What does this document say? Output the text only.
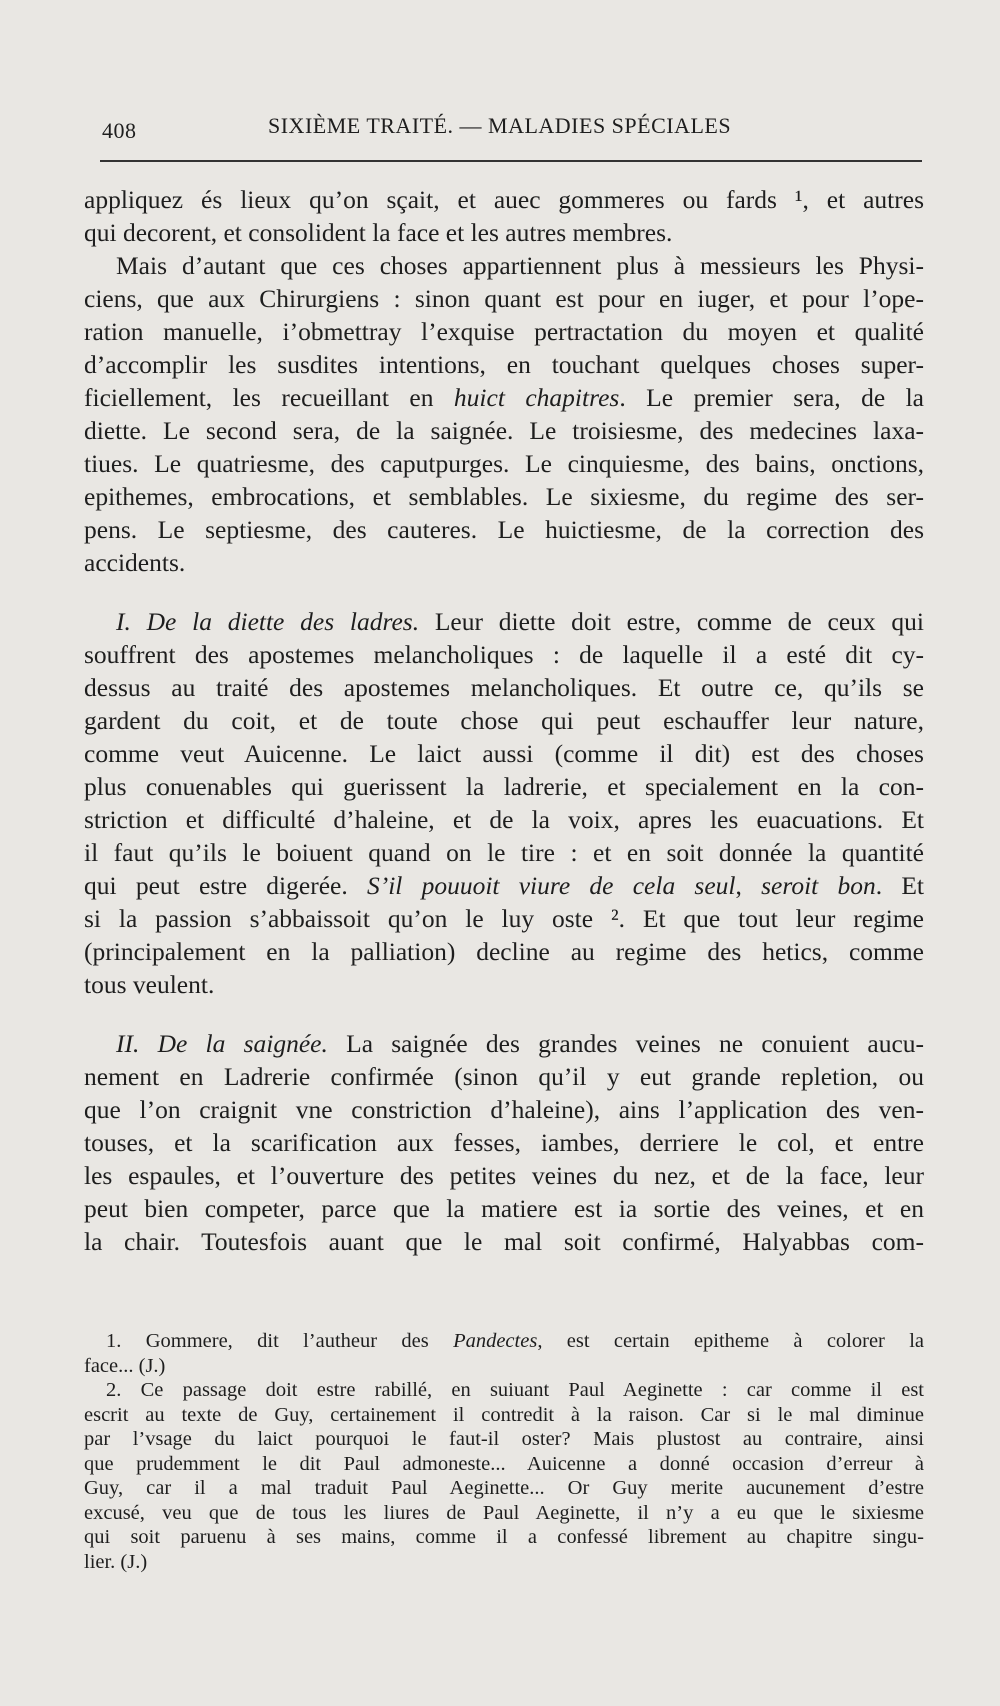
408	SIXIÈME TRAITÉ. — MALADIES SPÉCIALES
appliquez és lieux qu’on sçait, et auec gommeres ou fards ¹, et autres
qui decorent, et consolident la face et les autres membres.
Mais d’autant que ces choses appartiennent plus à messieurs les Physi-
ciens, que aux Chirurgiens : sinon quant est pour en iuger, et pour l’ope-
ration manuelle, i’obmettray l’exquise pertractation du moyen et qualité
d’accomplir les susdites intentions, en touchant quelques choses super-
ficiellement, les recueillant en huict chapitres. Le premier sera, de la
diette. Le second sera, de la saignée. Le troisiesme, des medecines laxa-
tiues. Le quatriesme, des caputpurges. Le cinquiesme, des bains, onctions,
epithemes, embrocations, et semblables. Le sixiesme, du regime des ser-
pens. Le septiesme, des cauteres. Le huictiesme, de la correction des
accidents.
I. De la diette des ladres. Leur diette doit estre, comme de ceux qui
souffrent des apostemes melancholiques : de laquelle il a esté dit cy-
dessus au traité des apostemes melancholiques. Et outre ce, qu’ils se
gardent du coit, et de toute chose qui peut eschauffer leur nature,
comme veut Auicenne. Le laict aussi (comme il dit) est des choses
plus conuenables qui guerissent la ladrerie, et specialement en la con-
striction et difficulté d’haleine, et de la voix, apres les euacuations. Et
il faut qu’ils le boiuent quand on le tire : et en soit donnée la quantité
qui peut estre digerée. S’il pouuoit viure de cela seul, seroit bon. Et
si la passion s’abbaissoit qu’on le luy oste ². Et que tout leur regime
(principalement en la palliation) decline au regime des hetics, comme
tous veulent.
II. De la saignée. La saignée des grandes veines ne conuient aucu-
nement en Ladrerie confirmée (sinon qu’il y eut grande repletion, ou
que l’on craignit vne constriction d’haleine), ains l’application des ven-
touses, et la scarification aux fesses, iambes, derriere le col, et entre
les espaules, et l’ouverture des petites veines du nez, et de la face, leur
peut bien competer, parce que la matiere est ia sortie des veines, et en
la chair. Toutesfois auant que le mal soit confirmé, Halyabbas com-
1. Gommere, dit l’autheur des Pandectes, est certain epitheme à colorer la
face... (J.)
2. Ce passage doit estre rabillé, en suiuant Paul Aeginette : car comme il est
escrit au texte de Guy, certainement il contredit à la raison. Car si le mal diminue
par l’vsage du laict pourquoi le faut-il oster? Mais plustost au contraire, ainsi
que prudemment le dit Paul admoneste... Auicenne a donné occasion d’erreur à
Guy, car il a mal traduit Paul Aeginette... Or Guy merite aucunement d’estre
excusé, veu que de tous les liures de Paul Aeginette, il n’y a eu que le sixiesme
qui soit paruenu à ses mains, comme il a confessé librement au chapitre singu-
lier. (J.)
